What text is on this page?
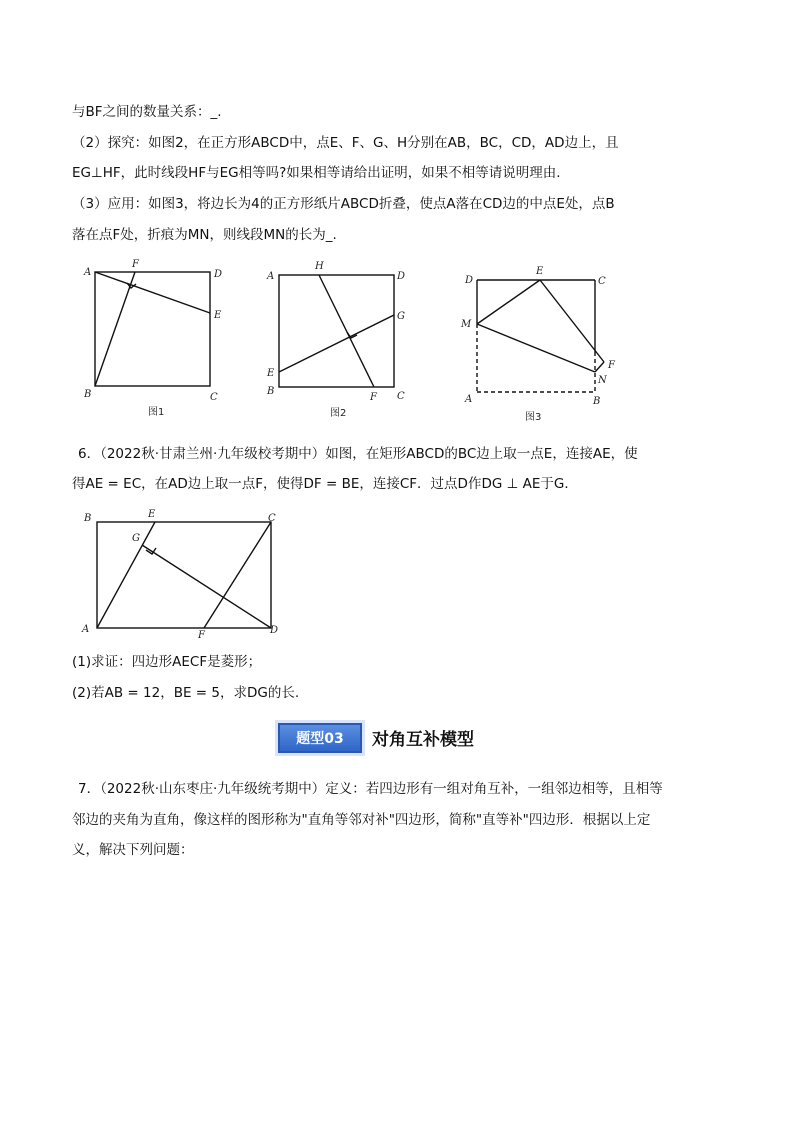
与BF之间的数量关系：_.
（2）探究：如图2，在正方形ABCD中，点E、F、G、H分别在AB，BC，CD，AD边上，且
EG⊥HF，此时线段HF与EG相等吗?如果相等请给出证明，如果不相等请说明理由.
（3）应用：如图3，将边长为4的正方形纸片ABCD折叠，使点A落在CD边的中点E处，点B
落在点F处，折痕为MN，则线段MN的长为_.
A
F
D
E
B	C
图1
A
H
D
G
E
B
F C
图2
D
E
C
M
F
N
A	B
图3
6．（2022秋·甘肃兰州·九年级校考期中）如图，在矩形ABCD的BC边上取一点E，连接AE，使
得AE = EC，在AD边上取一点F，使得DF = BE，连接CF．过点D作DG ⊥ AE于G．
B	E	C
G
A
F	D
(1)求证：四边形AECF是菱形；
(2)若AB = 12，BE = 5，求DG的长.
题型03	对角互补模型
7．（2022秋·山东枣庄·九年级统考期中）定义：若四边形有一组对角互补，一组邻边相等，且相等
邻边的夹角为直角，像这样的图形称为"直角等邻对补"四边形，简称"直等补"四边形．根据以上定
义，解决下列问题：
